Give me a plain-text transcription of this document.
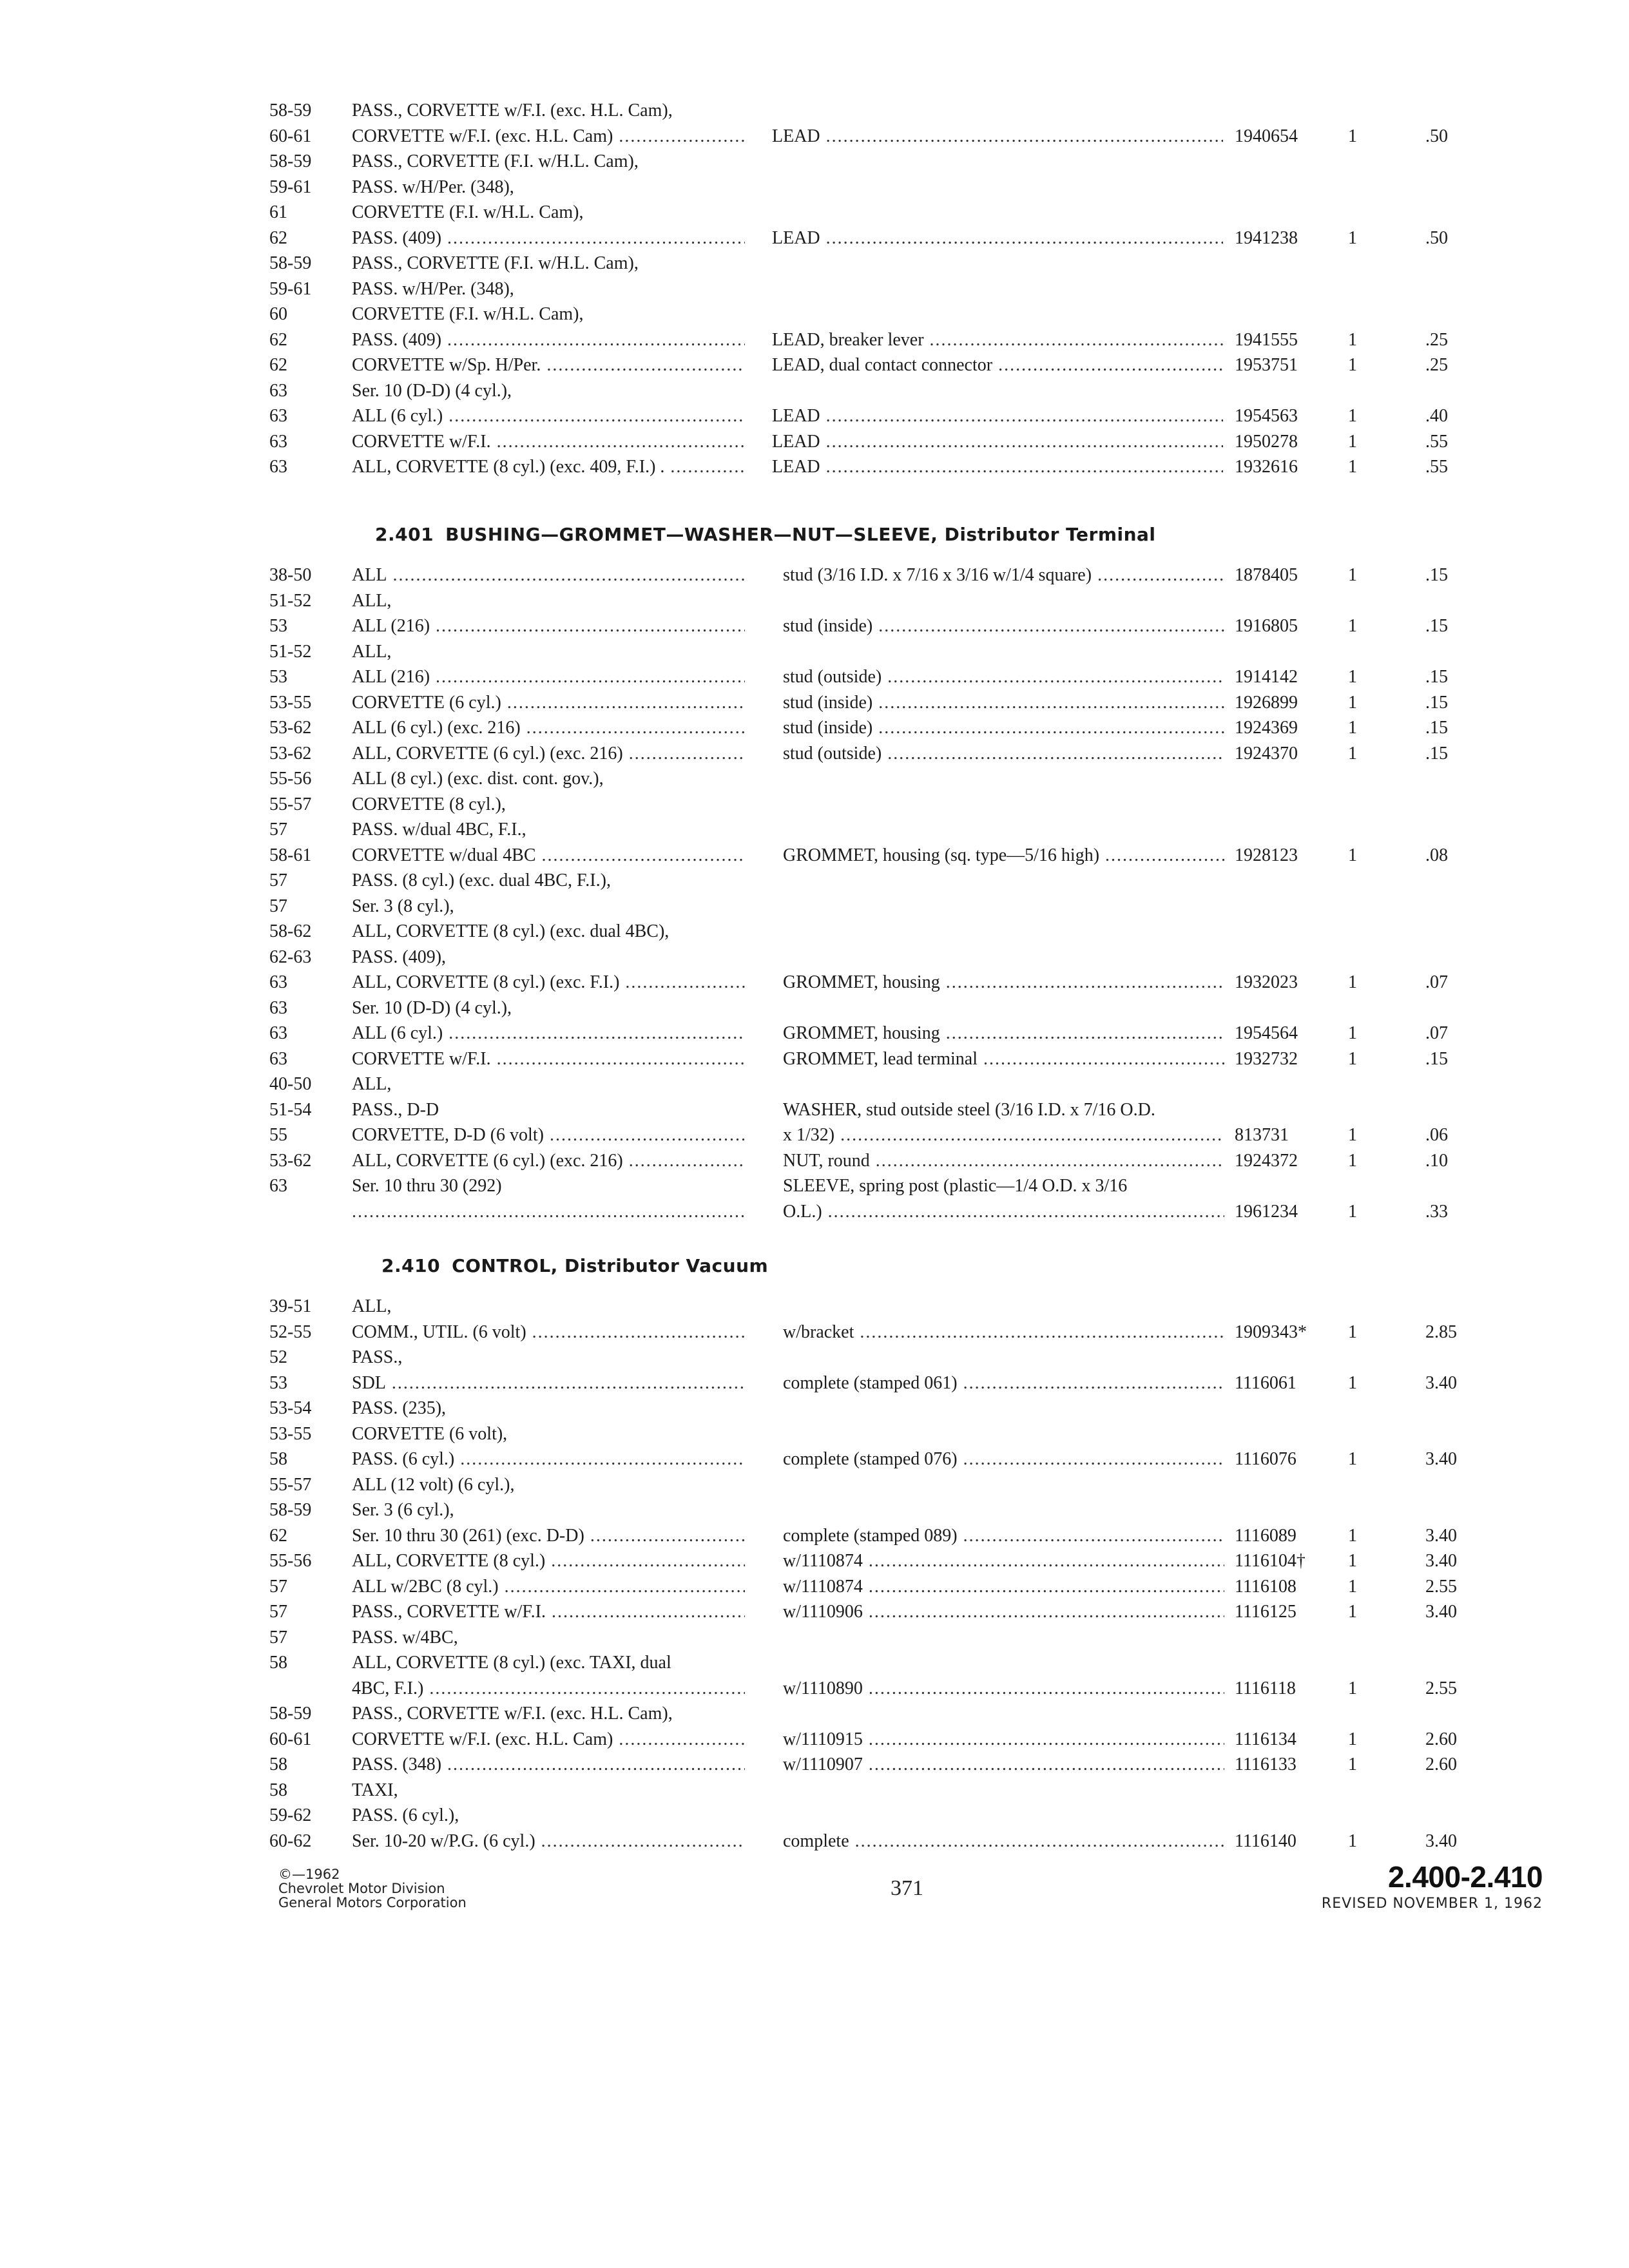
58-59 PASS., CORVETTE w/F.I. (exc. H.L. Cam),
60-61 CORVETTE w/F.I. (exc. H.L. Cam) .....	LEAD .....	1940654	1	.50
58-59 PASS., CORVETTE (F.I. w/H.L. Cam),
59-61 PASS. w/H/Per. (348),
61	CORVETTE (F.I. w/H.L. Cam),
62	PASS. (409) .....	LEAD .....	1941238	1	.50
58-59 PASS., CORVETTE (F.I. w/H.L. Cam),
59-61 PASS. w/H/Per. (348),
60	CORVETTE (F.I. w/H.L. Cam),
62	PASS. (409) .....	LEAD, breaker lever .....	1941555	1	.25
62	CORVETTE w/Sp. H/Per. .....	LEAD, dual contact connector .....	1953751	1	.25
63	Ser. 10 (D-D) (4 cyl.),
63	ALL (6 cyl.) .....	LEAD .....	1954563	1	.40
63	CORVETTE w/F.I. .....	LEAD .....	1950278	1	.55
63	ALL, CORVETTE (8 cyl.) (exc. 409, F.I.) . .....	LEAD .....	1932616	1	.55
2.401 BUSHING—GROMMET—WASHER—NUT—SLEEVE, Distributor Terminal
38-50 ALL .....	stud (3/16 I.D. x 7/16 x 3/16 w/1/4 square) .....	1878405	1	.15
51-52 ALL,
53	ALL (216) .....	stud (inside) .....	1916805	1	.15
51-52 ALL,
53	ALL (216) .....	stud (outside) .....	1914142	1	.15
53-55 CORVETTE (6 cyl.) .....	stud (inside) .....	1926899	1	.15
53-62 ALL (6 cyl.) (exc. 216) .....	stud (inside) .....	1924369	1	.15
53-62 ALL, CORVETTE (6 cyl.) (exc. 216) .....	stud (outside) .....	1924370	1	.15
55-56 ALL (8 cyl.) (exc. dist. cont. gov.),
55-57 CORVETTE (8 cyl.),
57	PASS. w/dual 4BC, F.I.,
58-61 CORVETTE w/dual 4BC .....	GROMMET, housing (sq. type—5/16 high) .....	1928123	1	.08
57	PASS. (8 cyl.) (exc. dual 4BC, F.I.),
57	Ser. 3 (8 cyl.),
58-62 ALL, CORVETTE (8 cyl.) (exc. dual 4BC),
62-63 PASS. (409),
63	ALL, CORVETTE (8 cyl.) (exc. F.I.) .....	GROMMET, housing .....	1932023	1	.07
63	Ser. 10 (D-D) (4 cyl.),
63	ALL (6 cyl.) .....	GROMMET, housing .....	1954564	1	.07
63	CORVETTE w/F.I. .....	GROMMET, lead terminal .....	1932732	1	.15
40-50 ALL,
51-54 PASS., D-D	WASHER, stud outside steel (3/16 I.D. x 7/16 O.D.
55	CORVETTE, D-D (6 volt) .....	x 1/32) .....	813731	1	.06
53-62 ALL, CORVETTE (6 cyl.) (exc. 216) .....	NUT, round .....	1924372	1	.10
63	Ser. 10 thru 30 (292)	SLEEVE, spring post (plastic—1/4 O.D. x 3/16
.....
O.L.) .....	1961234	1	.33
2.410 CONTROL, Distributor Vacuum
39-51 ALL,
52-55 COMM., UTIL. (6 volt) .....	w/bracket .....	1909343* 1	2.85
52	PASS.,
53	SDL .....	complete (stamped 061) .....	1116061	1	3.40
53-54 PASS. (235),
53-55 CORVETTE (6 volt),
58	PASS. (6 cyl.) .....	complete (stamped 076) .....	1116076	1	3.40
55-57 ALL (12 volt) (6 cyl.),
58-59 Ser. 3 (6 cyl.),
62	Ser. 10 thru 30 (261) (exc. D-D) .....	complete (stamped 089) .....	1116089	1	3.40
55-56 ALL, CORVETTE (8 cyl.) .....	w/1110874 .....	1116104† 1	3.40
57	ALL w/2BC (8 cyl.) .....	w/1110874 .....	1116108	1	2.55
57	PASS., CORVETTE w/F.I. .....	w/1110906 .....	1116125	1	3.40
57	PASS. w/4BC,
58	ALL, CORVETTE (8 cyl.) (exc. TAXI, dual
4BC, F.I.) .....	w/1110890 .....	1116118	1	2.55
58-59 PASS., CORVETTE w/F.I. (exc. H.L. Cam),
60-61 CORVETTE w/F.I. (exc. H.L. Cam) .....	w/1110915 .....	1116134	1	2.60
58	PASS. (348) .....	w/1110907 .....	1116133	1	2.60
58	TAXI,
59-62 PASS. (6 cyl.),
60-62 Ser. 10-20 w/P.G. (6 cyl.) .....	complete .....	1116140	1	3.40
©—1962
Chevrolet Motor Division
General Motors Corporation
371	2.400-2.410
REVISED NOVEMBER 1, 1962
